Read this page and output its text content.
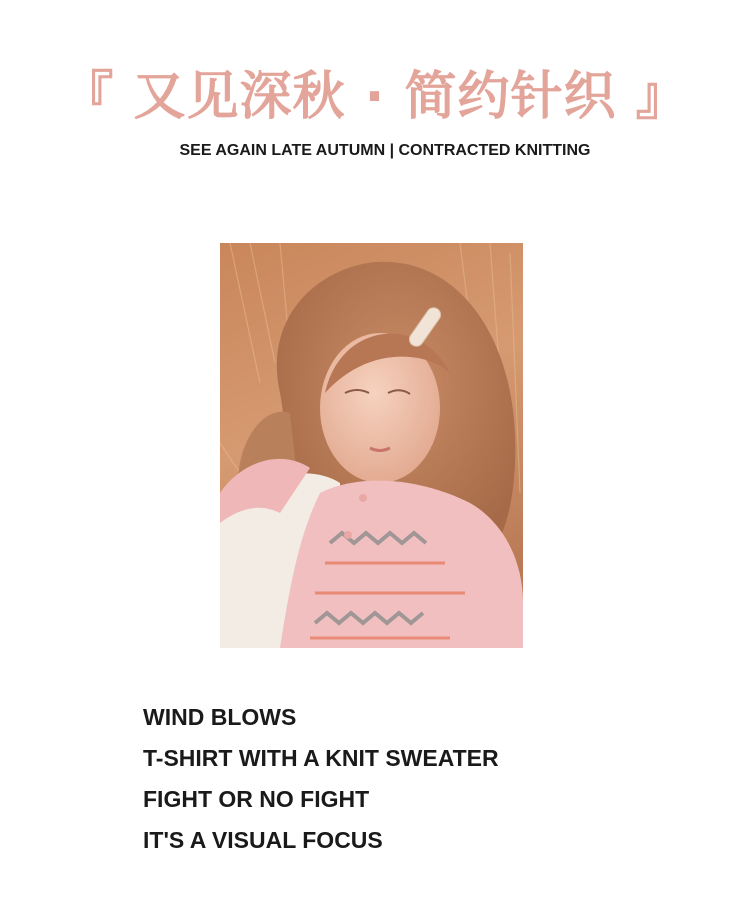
『 又见深秋 · 简约针织 』
SEE AGAIN LATE AUTUMN | CONTRACTED KNITTING
WIND BLOWS
T-SHIRT WITH A KNIT SWEATER
FIGHT OR NO FIGHT
IT'S A VISUAL FOCUS
